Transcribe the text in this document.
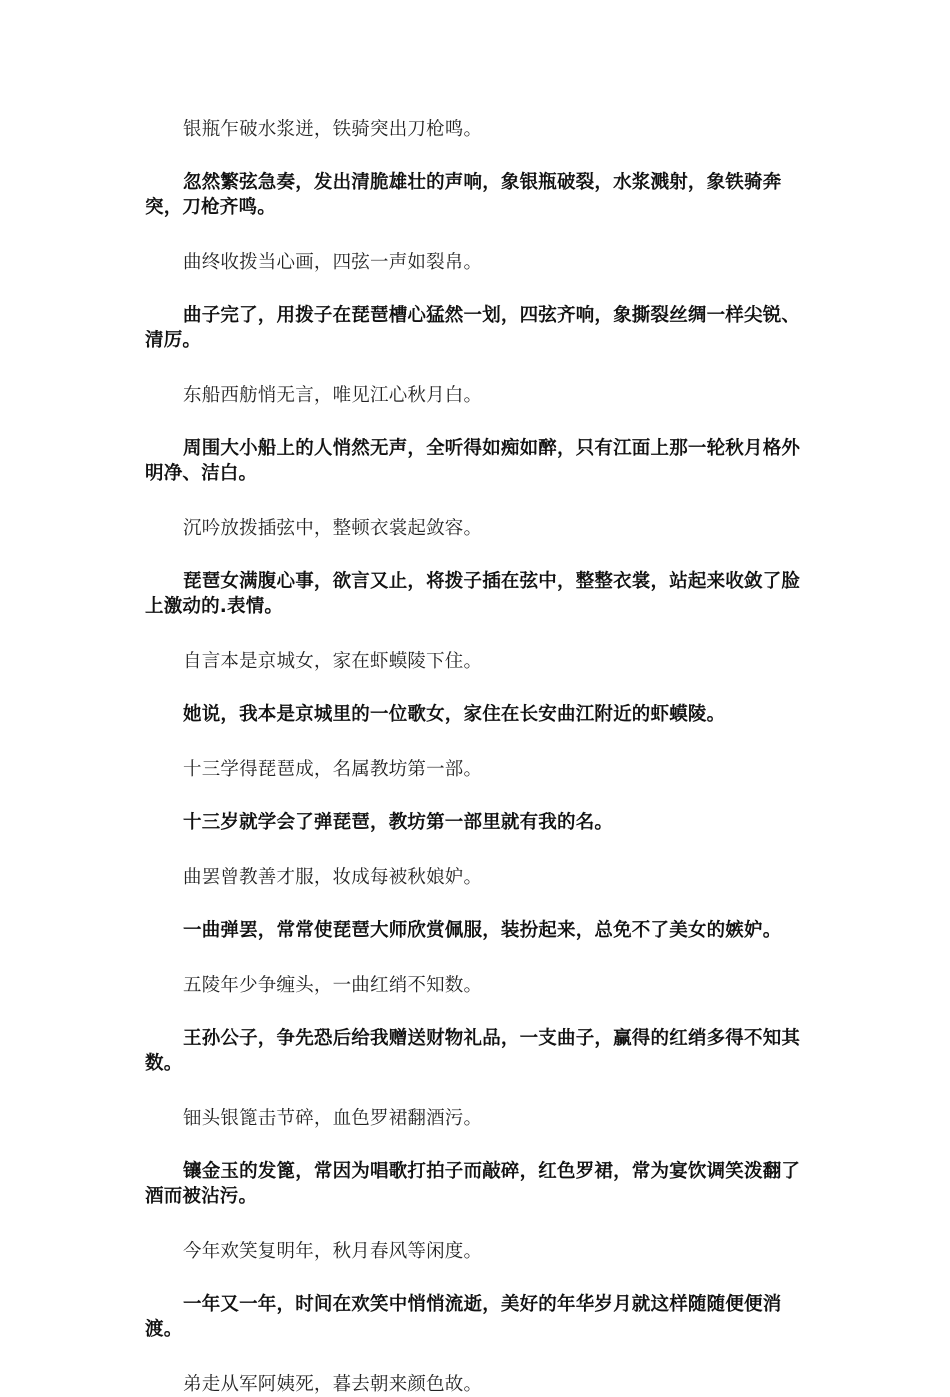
银瓶乍破水浆迸，铁骑突出刀枪鸣。

忽然繁弦急奏，发出清脆雄壮的声响，象银瓶破裂，水浆溅射，象铁骑奔突，刀枪齐鸣。

曲终收拨当心画，四弦一声如裂帛。

曲子完了，用拨子在琵琶槽心猛然一划，四弦齐响，象撕裂丝绸一样尖锐、清厉。

东船西舫悄无言，唯见江心秋月白。

周围大小船上的人悄然无声，全听得如痴如醉，只有江面上那一轮秋月格外明净、洁白。

沉吟放拨插弦中，整顿衣裳起敛容。

琵琶女满腹心事，欲言又止，将拨子插在弦中，整整衣裳，站起来收敛了脸上激动的.表情。

自言本是京城女，家在虾蟆陵下住。

她说，我本是京城里的一位歌女，家住在长安曲江附近的虾蟆陵。

十三学得琵琶成，名属教坊第一部。

十三岁就学会了弹琵琶，教坊第一部里就有我的名。

曲罢曾教善才服，妆成每被秋娘妒。

一曲弹罢，常常使琵琶大师欣赏佩服，装扮起来，总免不了美女的嫉妒。

五陵年少争缠头，一曲红绡不知数。

王孙公子，争先恐后给我赠送财物礼品，一支曲子，赢得的红绡多得不知其数。

钿头银篦击节碎，血色罗裙翻酒污。

镶金玉的发篦，常因为唱歌打拍子而敲碎，红色罗裙，常为宴饮调笑泼翻了酒而被沾污。

今年欢笑复明年，秋月春风等闲度。

一年又一年，时间在欢笑中悄悄流逝，美好的年华岁月就这样随随便便消渡。

弟走从军阿姨死，暮去朝来颜色故。
